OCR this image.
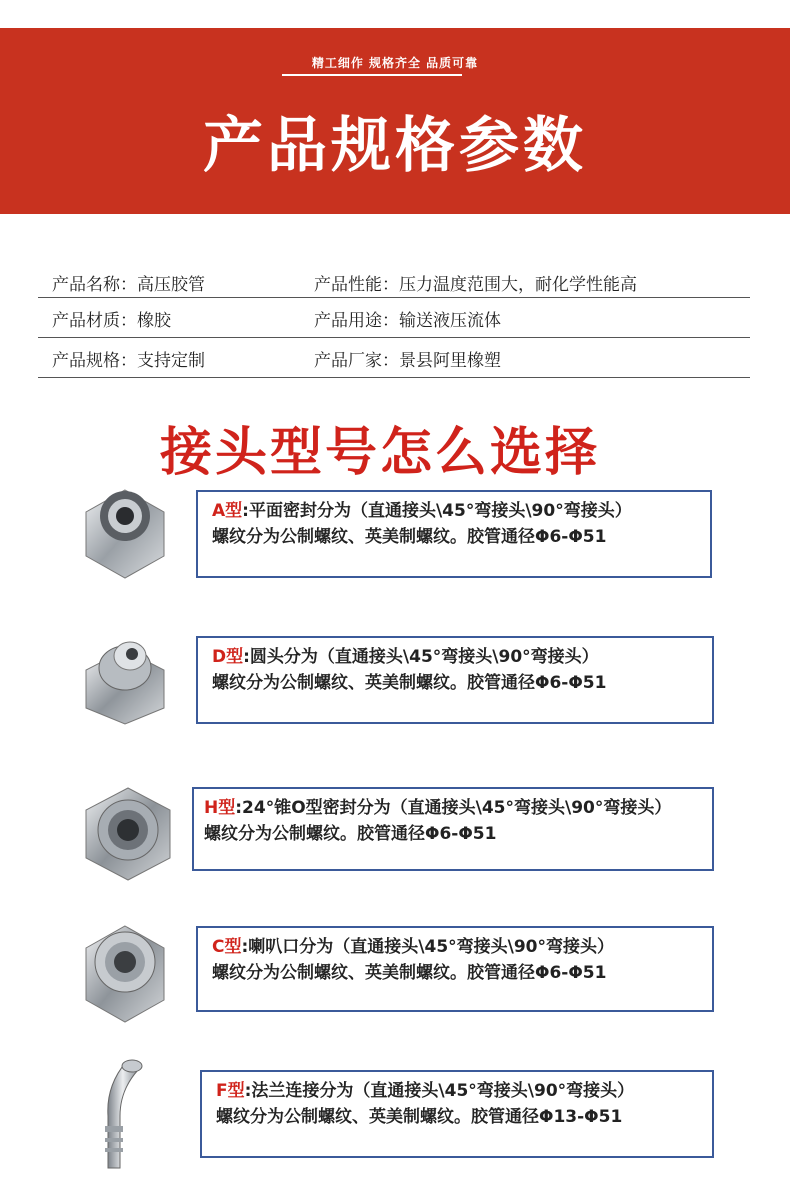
精工细作 规格齐全 品质可靠
产品规格参数
产品名称：高压胶管	产品性能：压力温度范围大，耐化学性能高
产品材质：橡胶	产品用途：输送液压流体
产品规格：支持定制	产品厂家：景县阿里橡塑
接头型号怎么选择
A型:平面密封分为（直通接头\45°弯接头\90°弯接头）
螺纹分为公制螺纹、英美制螺纹。胶管通径Φ6-Φ51
D型:圆头分为（直通接头\45°弯接头\90°弯接头）
螺纹分为公制螺纹、英美制螺纹。胶管通径Φ6-Φ51
H型:24°锥O型密封分为（直通接头\45°弯接头\90°弯接头）
螺纹分为公制螺纹。胶管通径Φ6-Φ51
C型:喇叭口分为（直通接头\45°弯接头\90°弯接头）
螺纹分为公制螺纹、英美制螺纹。胶管通径Φ6-Φ51
F型:法兰连接分为（直通接头\45°弯接头\90°弯接头）
螺纹分为公制螺纹、英美制螺纹。胶管通径Φ13-Φ51
